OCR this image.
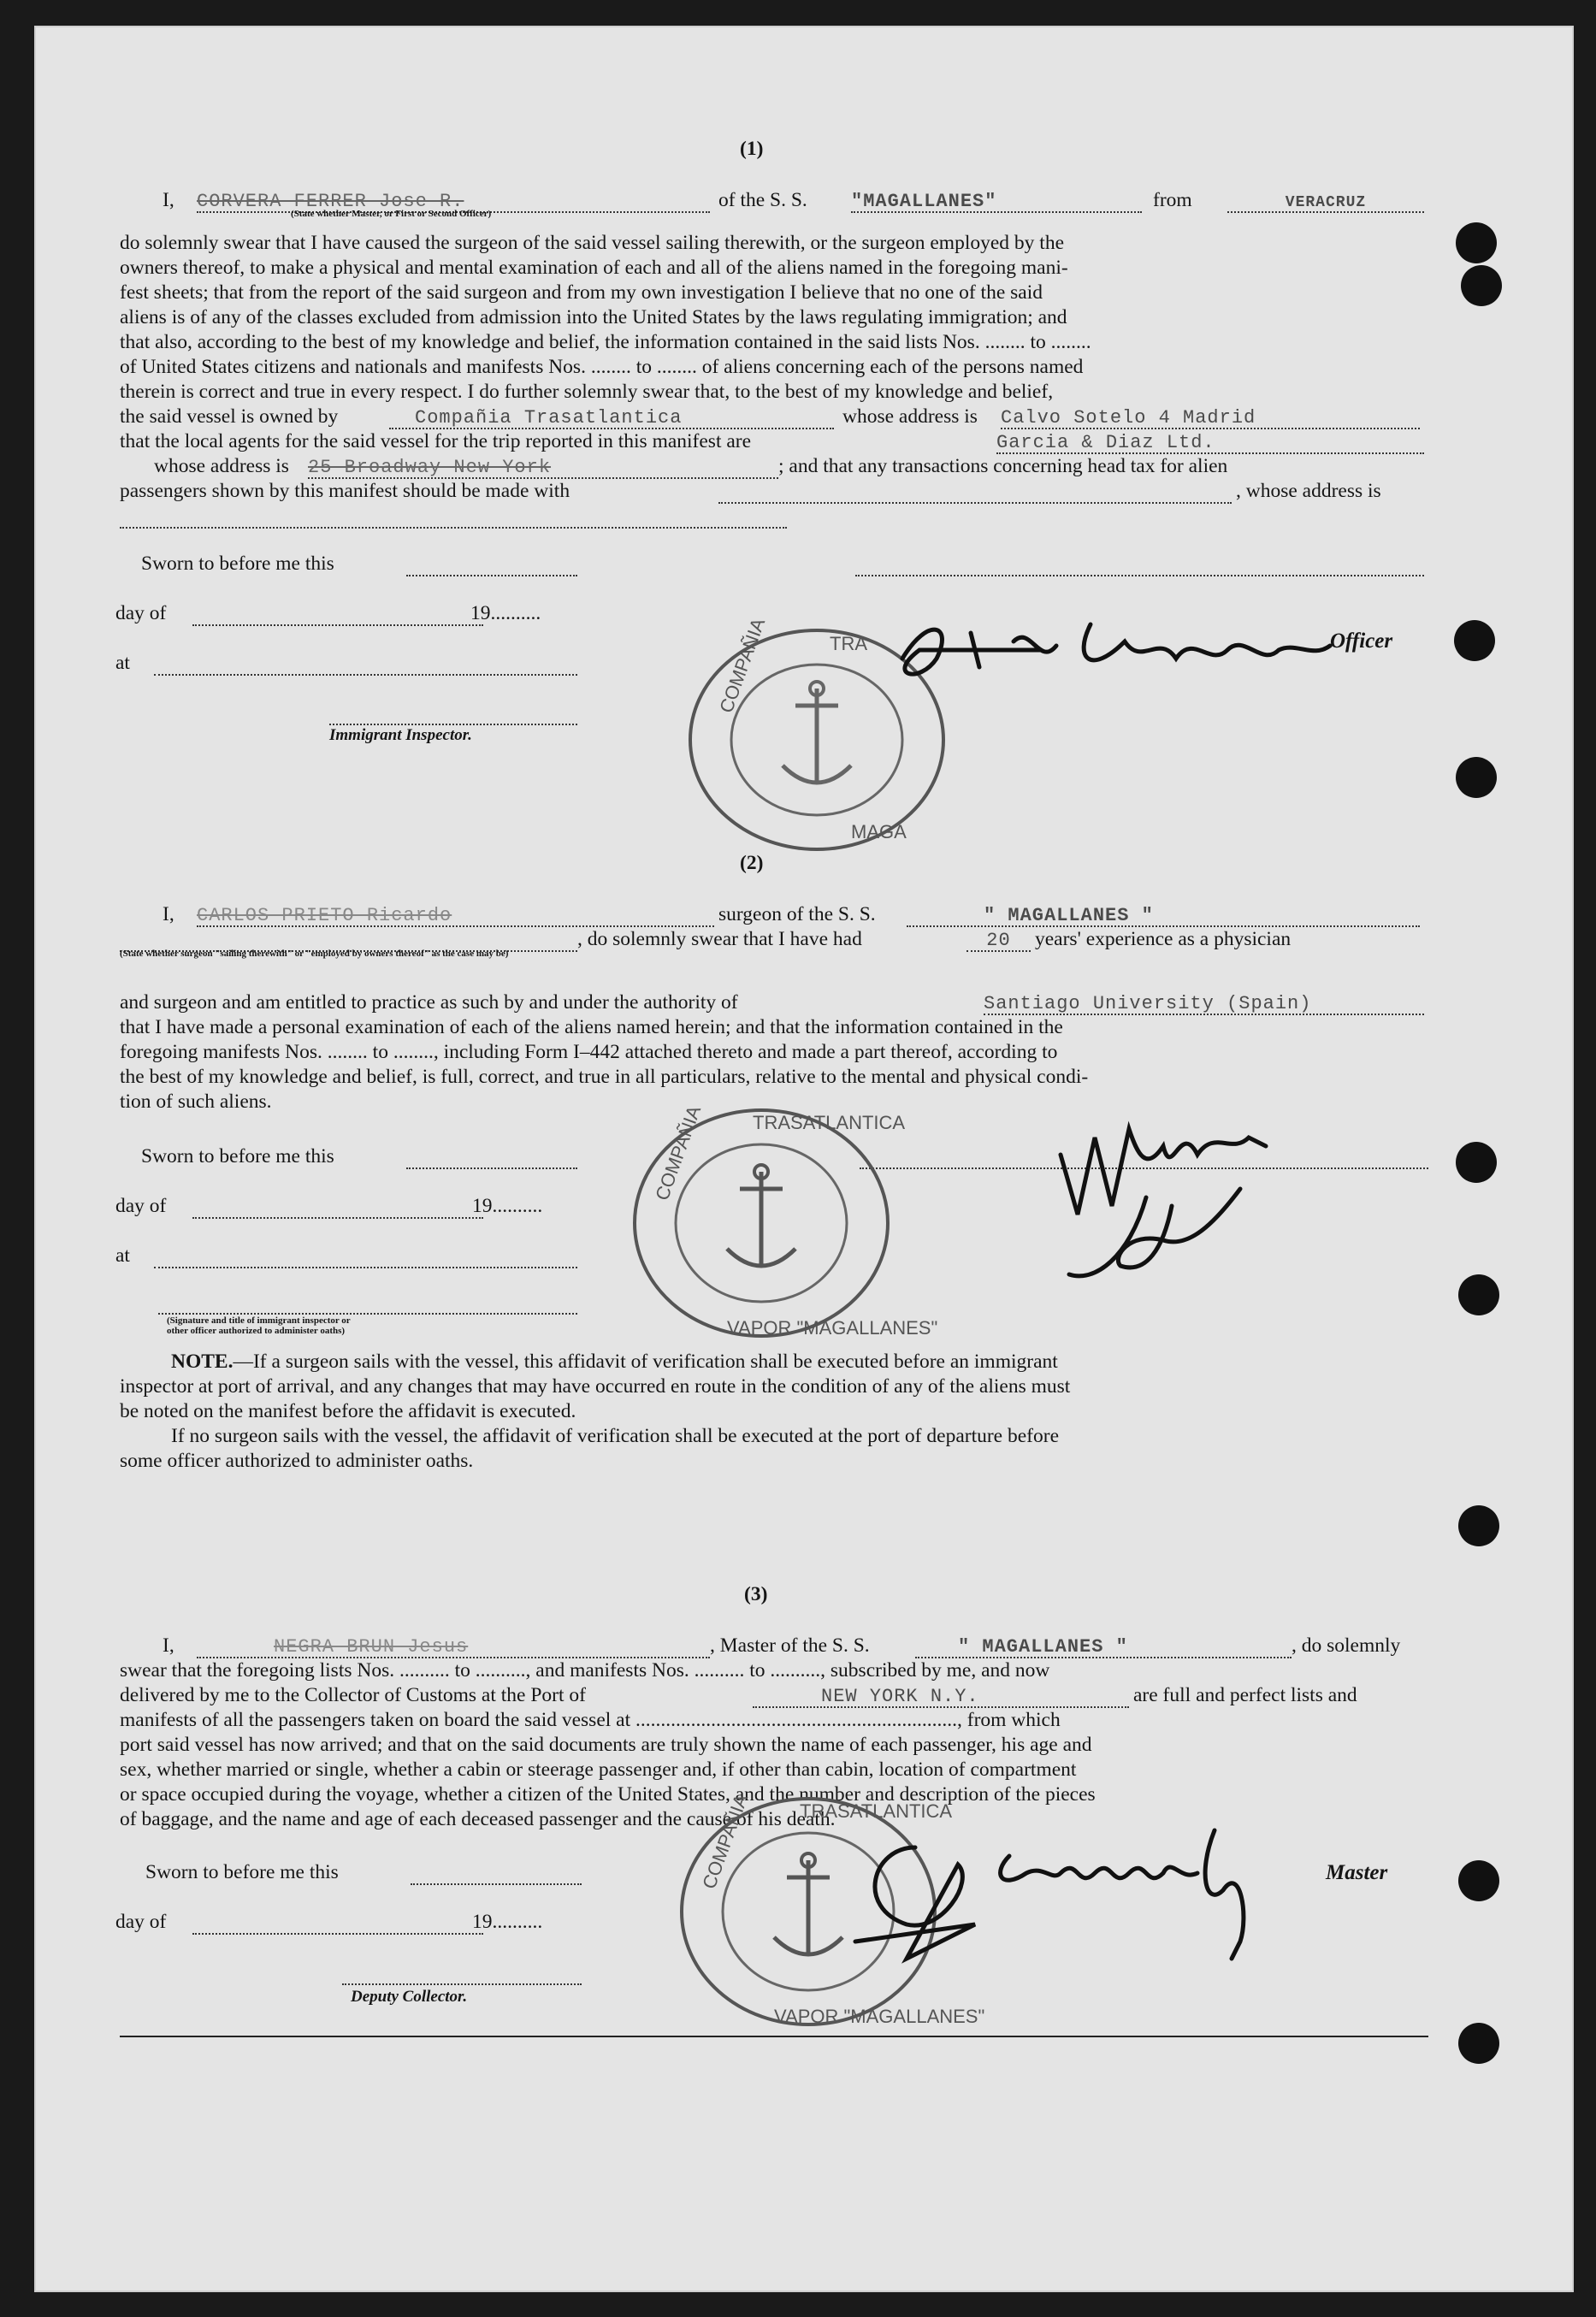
(1)
I, CORVERA FERRER Jose R.
(State whether Master, or First or Second Officer)
of the S. S. "MAGALLANES"	from	VERACRUZ
do solemnly swear that I have caused the surgeon of the said vessel sailing therewith, or the surgeon employed by the
owners thereof, to make a physical and mental examination of each and all of the aliens named in the foregoing mani-
fest sheets; that from the report of the said surgeon and from my own investigation I believe that no one of the said
aliens is of any of the classes excluded from admission into the United States by the laws regulating immigration; and
that also, according to the best of my knowledge and belief, the information contained in the said lists Nos. ........ to ........
of United States citizens and nationals and manifests Nos. ........ to ........ of aliens concerning each of the persons named
therein is correct and true in every respect. I do further solemnly swear that, to the best of my knowledge and belief,
the said vessel is owned by	Compañia Trasatlantica	whose address is Calvo Sotelo 4 Madrid
that the local agents for the said vessel for the trip reported in this manifest are	Garcia & Diaz Ltd.
whose address is 25 Broadway New York	; and that any transactions concerning head tax for alien
passengers shown by this manifest should be made with	, whose address is
Sworn to before me this
day of	19..........
at
Immigrant Inspector.
Officer
COMPAÑIA	TRA
MAGA
(2)
I, CARLOS PRIETO Ricardo	surgeon of the S. S.	" MAGALLANES "
, do solemnly swear that I have had	20	years' experience as a physician
(State whether surgeon "sailing therewith" or "employed by owners thereof" as the case may be)
and surgeon and am entitled to practice as such by and under the authority of	Santiago University (Spain)
that I have made a personal examination of each of the aliens named herein; and that the information contained in the
foregoing manifests Nos. ........ to ........, including Form I–442 attached thereto and made a part thereof, according to
the best of my knowledge and belief, is full, correct, and true in all particulars, relative to the mental and physical condi-
tion of such aliens.
Sworn to before me this
day of	19..........
at
(Signature and title of immigrant inspector or
other officer authorized to administer oaths)
COMPAÑIA	TRASATLANTICA
VAPOR "MAGALLANES"
NOTE.—If a surgeon sails with the vessel, this affidavit of verification shall be executed before an immigrant
inspector at port of arrival, and any changes that may have occurred en route in the condition of any of the aliens must
be noted on the manifest before the affidavit is executed.
If no surgeon sails with the vessel, the affidavit of verification shall be executed at the port of departure before
some officer authorized to administer oaths.
(3)
I,	NEGRA BRUN Jesus	, Master of the S. S.	" MAGALLANES "	, do solemnly
swear that the foregoing lists Nos. .......... to .........., and manifests Nos. .......... to .........., subscribed by me, and now
delivered by me to the Collector of Customs at the Port of	NEW YORK N.Y.	are full and perfect lists and
manifests of all the passengers taken on board the said vessel at ................................................................, from which
port said vessel has now arrived; and that on the said documents are truly shown the name of each passenger, his age and
sex, whether married or single, whether a cabin or steerage passenger and, if other than cabin, location of compartment
or space occupied during the voyage, whether a citizen of the United States, and the number and description of the pieces
of baggage, and the name and age of each deceased passenger and the cause of his death.
Sworn to before me this	Master
day of	19..........
Deputy Collector.
COMPAÑIA	TRASATLANTICA
VAPOR "MAGALLANES"
